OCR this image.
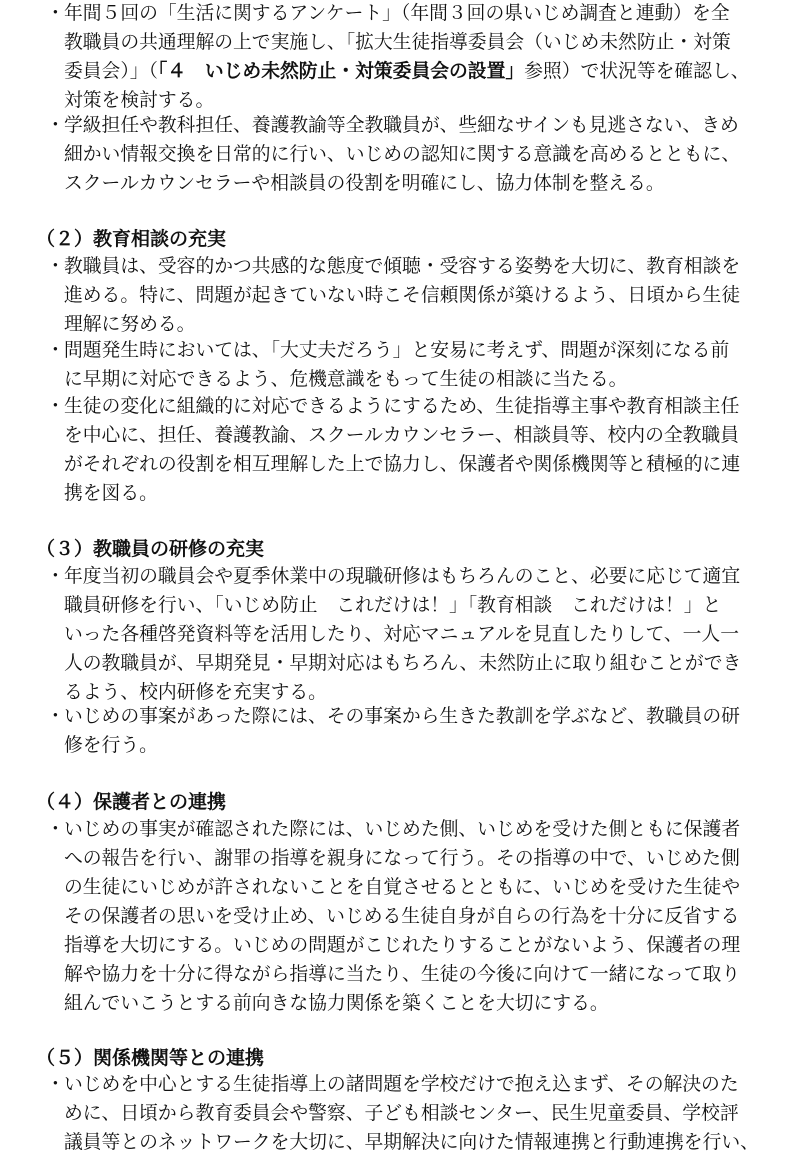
・ 年間５回の「生活に関するアンケート」（年間３回の県いじめ調査と連動）を全
教職員の共通理解の上で実施し、「拡大生徒指導委員会（いじめ未然防止・対策
委員会）」（「４　いじめ未然防止・対策委員会の設置」参照）で状況等を確認し、
対策を検討する。
・ 学級担任や教科担任、養護教諭等全教職員が、些細なサインも見逃さない、きめ
細かい情報交換を日常的に行い、いじめの認知に関する意識を高めるとともに、
スクールカウンセラーや相談員の役割を明確にし、協力体制を整える。
（２）教育相談の充実
・ 教職員は、受容的かつ共感的な態度で傾聴・受容する姿勢を大切に、教育相談を
進める。特に、問題が起きていない時こそ信頼関係が築けるよう、日頃から生徒
理解に努める。
・ 問題発生時においては、「大丈夫だろう」と安易に考えず、問題が深刻になる前
に早期に対応できるよう、危機意識をもって生徒の相談に当たる。
・ 生徒の変化に組織的に対応できるようにするため、生徒指導主事や教育相談主任
を中心に、担任、養護教諭、スクールカウンセラー、相談員等、校内の全教職員
がそれぞれの役割を相互理解した上で協力し、保護者や関係機関等と積極的に連
携を図る。
（３）教職員の研修の充実
・ 年度当初の職員会や夏季休業中の現職研修はもちろんのこと、必要に応じて適宜
職員研修を行い、「いじめ防止　これだけは！」「教育相談　これだけは！」と
いった各種啓発資料等を活用したり、対応マニュアルを見直したりして、一人一
人の教職員が、早期発見・早期対応はもちろん、未然防止に取り組むことができ
るよう、校内研修を充実する。
・ いじめの事案があった際には、その事案から生きた教訓を学ぶなど、教職員の研
修を行う。
（４）保護者との連携
・ いじめの事実が確認された際には、いじめた側、いじめを受けた側ともに保護者
への報告を行い、謝罪の指導を親身になって行う。その指導の中で、いじめた側
の生徒にいじめが許されないことを自覚させるとともに、いじめを受けた生徒や
その保護者の思いを受け止め、いじめる生徒自身が自らの行為を十分に反省する
指導を大切にする。いじめの問題がこじれたりすることがないよう、保護者の理
解や協力を十分に得ながら指導に当たり、生徒の今後に向けて一緒になって取り
組んでいこうとする前向きな協力関係を築くことを大切にする。
（５）関係機関等との連携
・ いじめを中心とする生徒指導上の諸問題を学校だけで抱え込まず、その解決のた
めに、日頃から教育委員会や警察、子ども相談センター、民生児童委員、学校評
議員等とのネットワークを大切に、早期解決に向けた情報連携と行動連携を行い、
